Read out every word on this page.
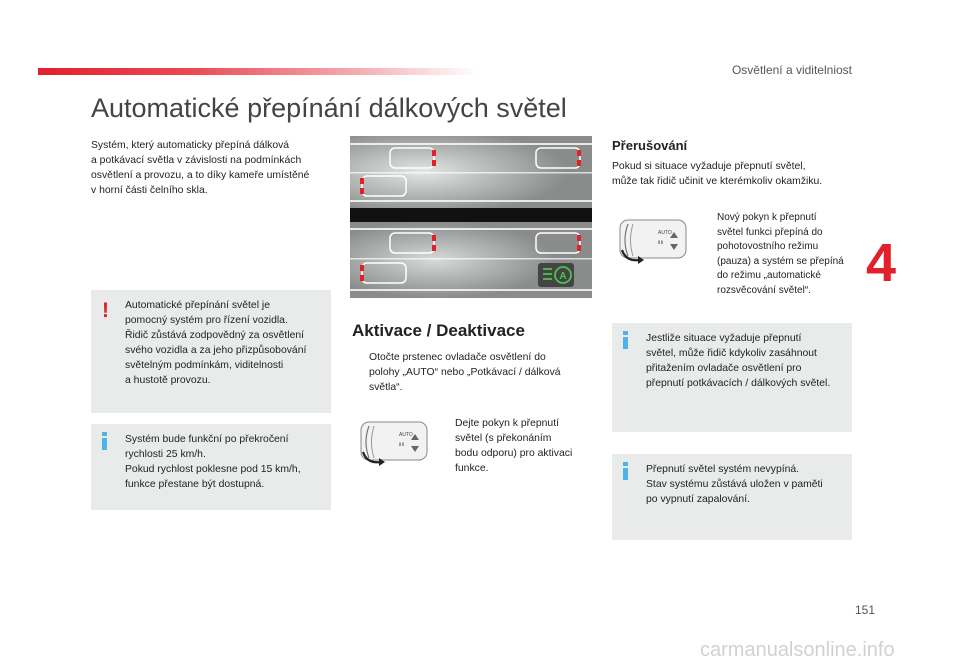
Osvětlení a viditelniost
Automatické přepínání dálkových světel

Systém, který automaticky přepíná dálková
a potkávací světla v závislosti na podmínkách
osvětlení a provozu, a to díky kameře umístěné
v horní části čelního skla.

! Automatické přepínání světel je
pomocný systém pro řízení vozidla.
Řidič zůstává zodpovědný za osvětlení
svého vozidla a za jeho přizpůsobování
světelným podmínkám, viditelnosti
a hustotě provozu.
Systém bude funkční po překročení
rychlosti 25 km/h.
Pokud rychlost poklesne pod 15 km/h,
funkce přestane být dostupná.
A
Aktivace / Deaktivace
Otočte prstenec ovladače osvětlení do
polohy „AUTO“ nebo „Potkávací / dálková
světla“.
AUTO
ⅡⅡ
Dejte pokyn k přepnutí
světel (s překonáním
bodu odporu) pro aktivaci
funkce.
Přerušování

Pokud si situace vyžaduje přepnutí světel,
může tak řidič učinit ve kterémkoliv okamžiku.

AUTO
ⅡⅡ
Nový pokyn k přepnutí
světel funkci přepíná do
pohotovostního režimu
(pauza) a systém se přepíná
do režimu „automatické
rozsvěcování světel“.	4
Jestliže situace vyžaduje přepnutí
světel, může řidič kdykoliv zasáhnout
přitažením ovladače osvětlení pro
přepnutí potkávacích / dálkových světel.
Přepnutí světel systém nevypíná.
Stav systému zůstává uložen v paměti
po vypnutí zapalování.
151
carmanualsonline.info
